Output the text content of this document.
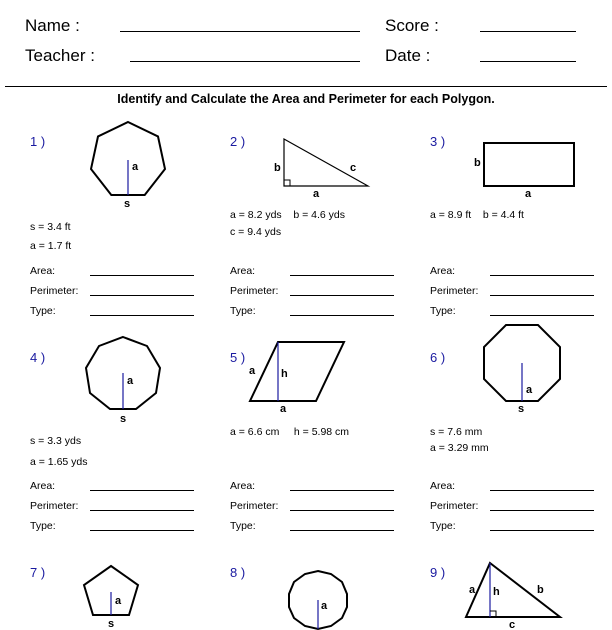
Name :	Score :
Teacher :	Date :
Identify and Calculate the Area and Perimeter for each Polygon.
1 )
a
s
s = 3.4 ft
a = 1.7 ft
2 )
b	c
a
a = 8.2 yds    b = 4.6 yds
c = 9.4 yds
3 )
b
a
a = 8.9 ft    b = 4.4 ft
Area:
Perimeter:
Type:
Area:
Perimeter:
Type:
Area:
Perimeter:
Type:
4 )
a
s
s = 3.3 yds
a = 1.65 yds
5 )
a h
a
a = 6.6 cm     h = 5.98 cm
6 )
a
s
s = 7.6 mm
a = 3.29 mm
Area:
Perimeter:
Type:
Area:
Perimeter:
Type:
Area:
Perimeter:
Type:
7 )
a
s
8 )
a
9 )
a h	b
c
